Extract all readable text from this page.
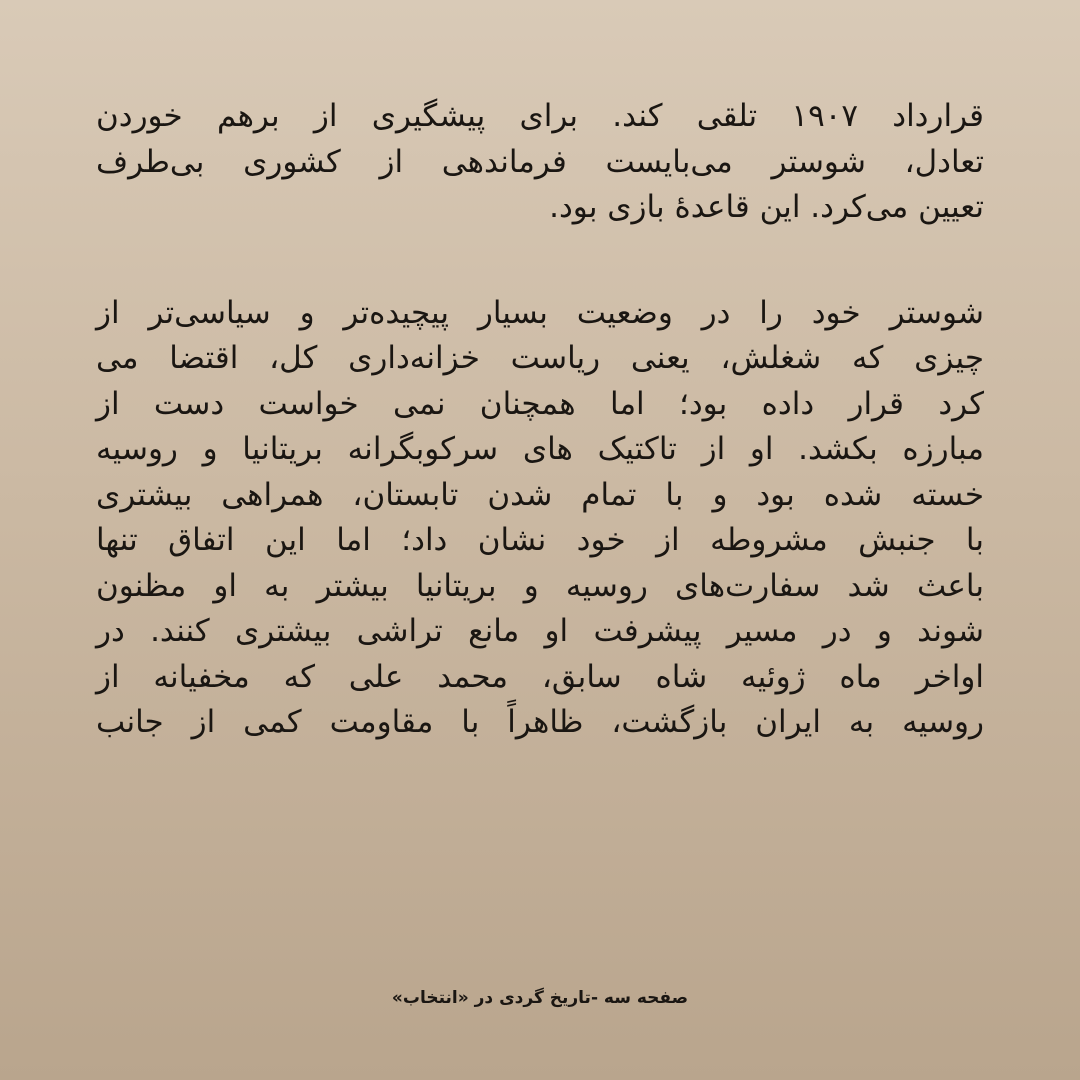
قرارداد ۱۹۰۷ تلقی کند. برای پیشگیری از برهم خوردن
تعادل، شوستر می‌بایست فرماندهی از کشوری بی‌طرف
تعیین می‌کرد. این قاعدهٔ بازی بود.
شوستر خود را در وضعیت بسیار پیچیده‌تر و سیاسی‌تر از
چیزی که شغلش، یعنی ریاست خزانه‌داری کل، اقتضا می
کرد قرار داده بود؛ اما همچنان نمی خواست دست از
مبارزه بکشد. او از تاکتیک های سرکوبگرانه بریتانیا و روسیه
خسته شده بود و با تمام شدن تابستان، همراهی بیشتری
با جنبش مشروطه از خود نشان داد؛ اما این اتفاق تنها
باعث شد سفارت‌های روسیه و بریتانیا بیشتر به او مظنون
شوند و در مسیر پیشرفت او مانع تراشی بیشتری کنند. در
اواخر ماه ژوئیه شاه سابق، محمد علی که مخفیانه از
روسیه به ایران بازگشت، ظاهراً با مقاومت کمی از جانب
صفحه سه -تاریخ گردی در «انتخاب»
